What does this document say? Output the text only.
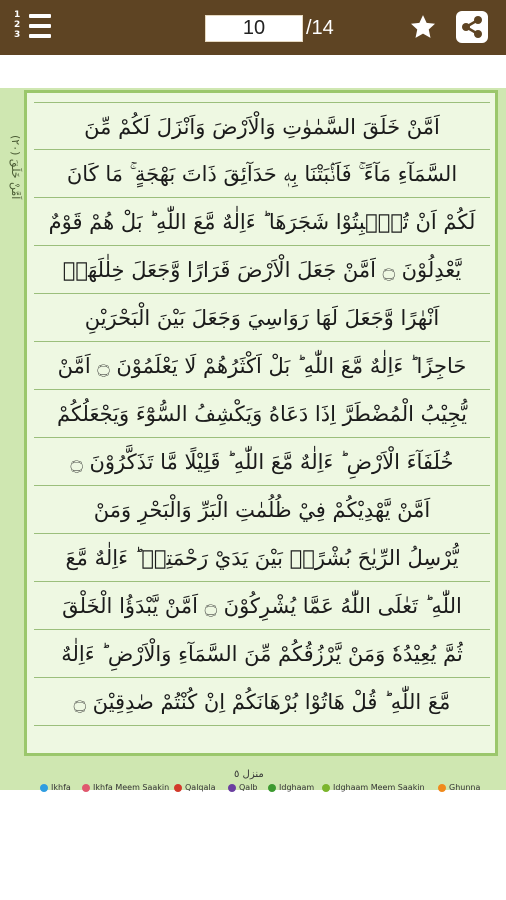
1
2
3	10	/14
(٢٠) اَمَّنْ خَلَقَ
اَمَّنْ خَلَقَ السَّمٰوٰتِ وَالْاَرْضَ وَاَنْزَلَ لَكُمْ مِّنَ
السَّمَآءِ مَآءً ۚ فَاَنْۢبَتْنَا بِهٖ حَدَآئِقَ ذَاتَ بَهْجَةٍ ۚ مَا كَانَ
لَكُمْ اَنْ تُنْۢبِتُوْا شَجَرَهَا ؕ ءَاِلٰهٌ مَّعَ اللّٰهِ ؕ بَلْ هُمْ قَوْمٌ
يَّعْدِلُوْنَ ۝ اَمَّنْ جَعَلَ الْاَرْضَ قَرَارًا وَّجَعَلَ خِلٰلَهَاۤ
اَنْهٰرًا وَّجَعَلَ لَهَا رَوَاسِيَ وَجَعَلَ بَيْنَ الْبَحْرَيْنِ
حَاجِزًا ؕ ءَاِلٰهٌ مَّعَ اللّٰهِ ؕ بَلْ اَكْثَرُهُمْ لَا يَعْلَمُوْنَ ۝ اَمَّنْ
يُّجِيْبُ الْمُضْطَرَّ اِذَا دَعَاهُ وَيَكْشِفُ السُّوْٓءَ وَيَجْعَلُكُمْ
خُلَفَآءَ الْاَرْضِ ؕ ءَاِلٰهٌ مَّعَ اللّٰهِ ؕ قَلِيْلًا مَّا تَذَكَّرُوْنَ ۝
اَمَّنْ يَّهْدِيْكُمْ فِيْ ظُلُمٰتِ الْبَرِّ وَالْبَحْرِ وَمَنْ
يُّرْسِلُ الرِّيٰحَ بُشْرًاۢ بَيْنَ يَدَيْ رَحْمَتِهٖ ؕ ءَاِلٰهٌ مَّعَ
اللّٰهِ ؕ تَعٰلَى اللّٰهُ عَمَّا يُشْرِكُوْنَ ۝ اَمَّنْ يَّبْدَؤُا الْخَلْقَ
ثُمَّ يُعِيْدُهٗ وَمَنْ يَّرْزُقُكُمْ مِّنَ السَّمَآءِ وَالْاَرْضِ ؕ ءَاِلٰهٌ
مَّعَ اللّٰهِ ؕ قُلْ هَاتُوْا بُرْهَانَكُمْ اِنْ كُنْتُمْ صٰدِقِيْنَ ۝
منزل ٥
Ikhfa	Ikhfa Meem Saakin	Qalqala	Qalb	Idghaam	Idghaam Meem Saakin	Ghunna
